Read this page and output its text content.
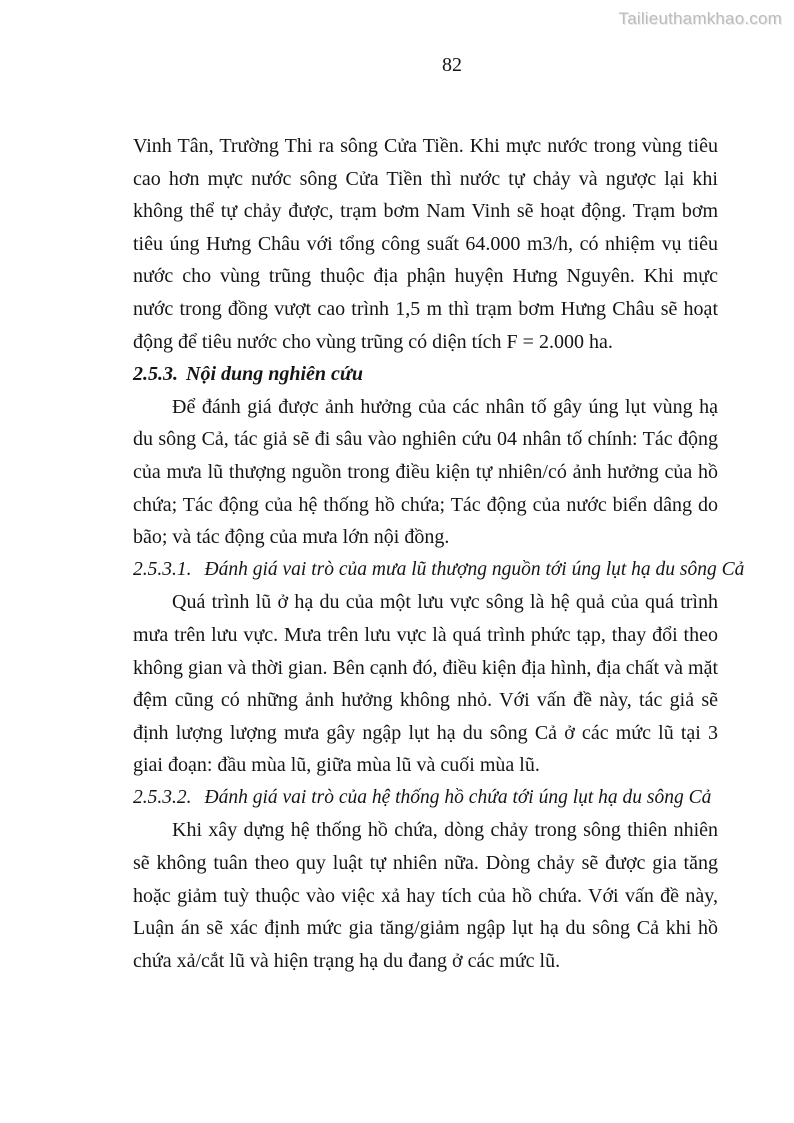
Tailieuthamkhao.com
82
Vinh Tân, Trường Thi ra sông Cửa Tiền. Khi mực nước trong vùng tiêu cao hơn mực nước sông Cửa Tiền thì nước tự chảy và ngược lại khi không thể tự chảy được, trạm bơm Nam Vinh sẽ hoạt động. Trạm bơm tiêu úng Hưng Châu với tổng công suất 64.000 m3/h, có nhiệm vụ tiêu nước cho vùng trũng thuộc địa phận huyện Hưng Nguyên. Khi mực nước trong đồng vượt cao trình 1,5 m thì trạm bơm Hưng Châu sẽ hoạt động để tiêu nước cho vùng trũng có diện tích F = 2.000 ha.
2.5.3. Nội dung nghiên cứu
Để đánh giá được ảnh hưởng của các nhân tố gây úng lụt vùng hạ du sông Cả, tác giả sẽ đi sâu vào nghiên cứu 04 nhân tố chính: Tác động của mưa lũ thượng nguồn trong điều kiện tự nhiên/có ảnh hưởng của hồ chứa; Tác động của hệ thống hồ chứa; Tác động của nước biển dâng do bão; và tác động của mưa lớn nội đồng.
2.5.3.1. Đánh giá vai trò của mưa lũ thượng nguồn tới úng lụt hạ du sông Cả
Quá trình lũ ở hạ du của một lưu vực sông là hệ quả của quá trình mưa trên lưu vực. Mưa trên lưu vực là quá trình phức tạp, thay đổi theo không gian và thời gian. Bên cạnh đó, điều kiện địa hình, địa chất và mặt đệm cũng có những ảnh hưởng không nhỏ. Với vấn đề này, tác giả sẽ định lượng lượng mưa gây ngập lụt hạ du sông Cả ở các mức lũ tại 3 giai đoạn: đầu mùa lũ, giữa mùa lũ và cuối mùa lũ.
2.5.3.2. Đánh giá vai trò của hệ thống hồ chứa tới úng lụt hạ du sông Cả
Khi xây dựng hệ thống hồ chứa, dòng chảy trong sông thiên nhiên sẽ không tuân theo quy luật tự nhiên nữa. Dòng chảy sẽ được gia tăng hoặc giảm tuỳ thuộc vào việc xả hay tích của hồ chứa. Với vấn đề này, Luận án sẽ xác định mức gia tăng/giảm ngập lụt hạ du sông Cả khi hồ chứa xả/cắt lũ và hiện trạng hạ du đang ở các mức lũ.
